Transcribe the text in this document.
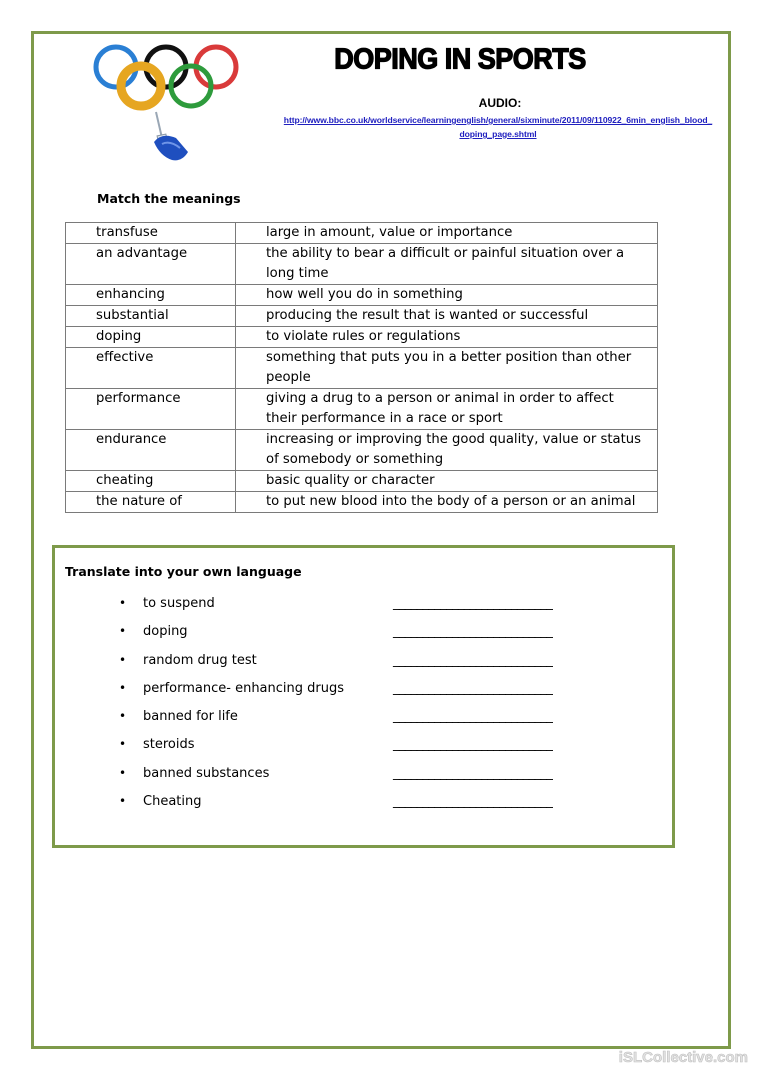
DOPING IN SPORTS
AUDIO:
http://www.bbc.co.uk/worldservice/learningenglish/general/sixminute/2011/09/110922_6min_english_blood_doping_page.shtml
Match the meanings
transfuse	large in amount, value or importance
an advantage	the ability to bear a difficult or painful situation over a long time
enhancing	how well you do in something
substantial	producing the result that is wanted or successful
doping	to violate rules or regulations
effective	something that puts you in a better position than other people
performance	giving a drug to a person or animal in order to affect their performance in a race or sport
endurance	increasing or improving the good quality, value or status of somebody or something
cheating	basic quality or character
the nature of	to put new blood into the body of a person or an animal
Translate into your own language
• to suspend	___________________________
• doping	___________________________
• random drug test	___________________________
• performance- enhancing drugs	___________________________
• banned for life	___________________________
• steroids	___________________________
• banned substances	___________________________
• Cheating	___________________________
iSLCollective.com
